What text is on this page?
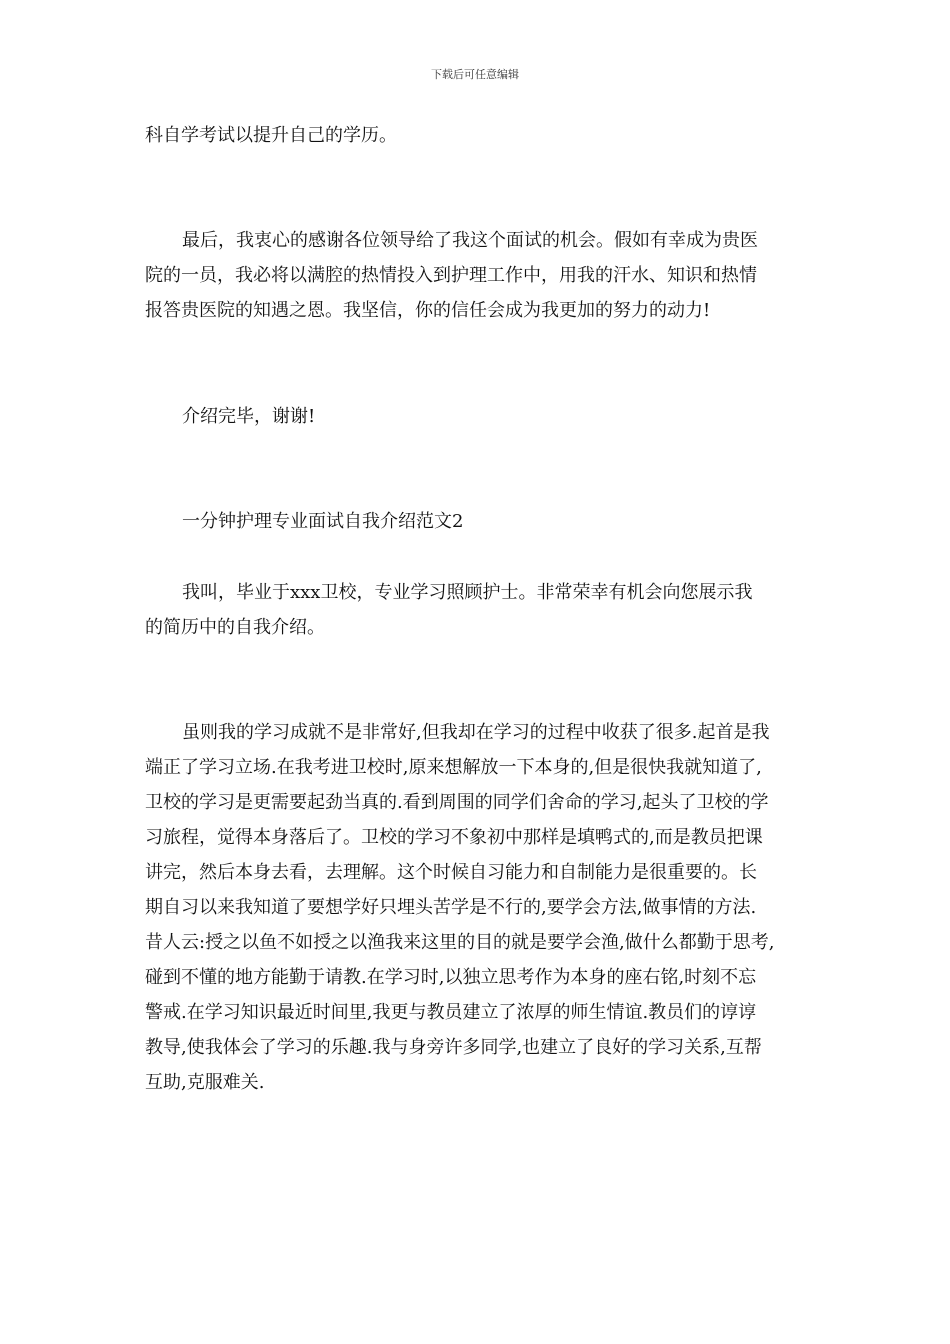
下载后可任意编辑
科自学考试以提升自己的学历。
最后，我衷心的感谢各位领导给了我这个面试的机会。假如有幸成为贵医
院的一员，我必将以满腔的热情投入到护理工作中，用我的汗水、知识和热情
报答贵医院的知遇之恩。我坚信，你的信任会成为我更加的努力的动力!
介绍完毕，谢谢!
一分钟护理专业面试自我介绍范文2
我叫，毕业于xxx卫校，专业学习照顾护士。非常荣幸有机会向您展示我
的简历中的自我介绍。
虽则我的学习成就不是非常好,但我却在学习的过程中收获了很多.起首是我
端正了学习立场.在我考进卫校时,原来想解放一下本身的,但是很快我就知道了,
卫校的学习是更需要起劲当真的.看到周围的同学们舍命的学习,起头了卫校的学
习旅程，觉得本身落后了。卫校的学习不象初中那样是填鸭式的,而是教员把课
讲完，然后本身去看，去理解。这个时候自习能力和自制能力是很重要的。长
期自习以来我知道了要想学好只埋头苦学是不行的,要学会方法,做事情的方法.
昔人云:授之以鱼不如授之以渔我来这里的目的就是要学会渔,做什么都勤于思考,
碰到不懂的地方能勤于请教.在学习时,以独立思考作为本身的座右铭,时刻不忘
警戒.在学习知识最近时间里,我更与教员建立了浓厚的师生情谊.教员们的谆谆
教导,使我体会了学习的乐趣.我与身旁许多同学,也建立了良好的学习关系,互帮
互助,克服难关.
